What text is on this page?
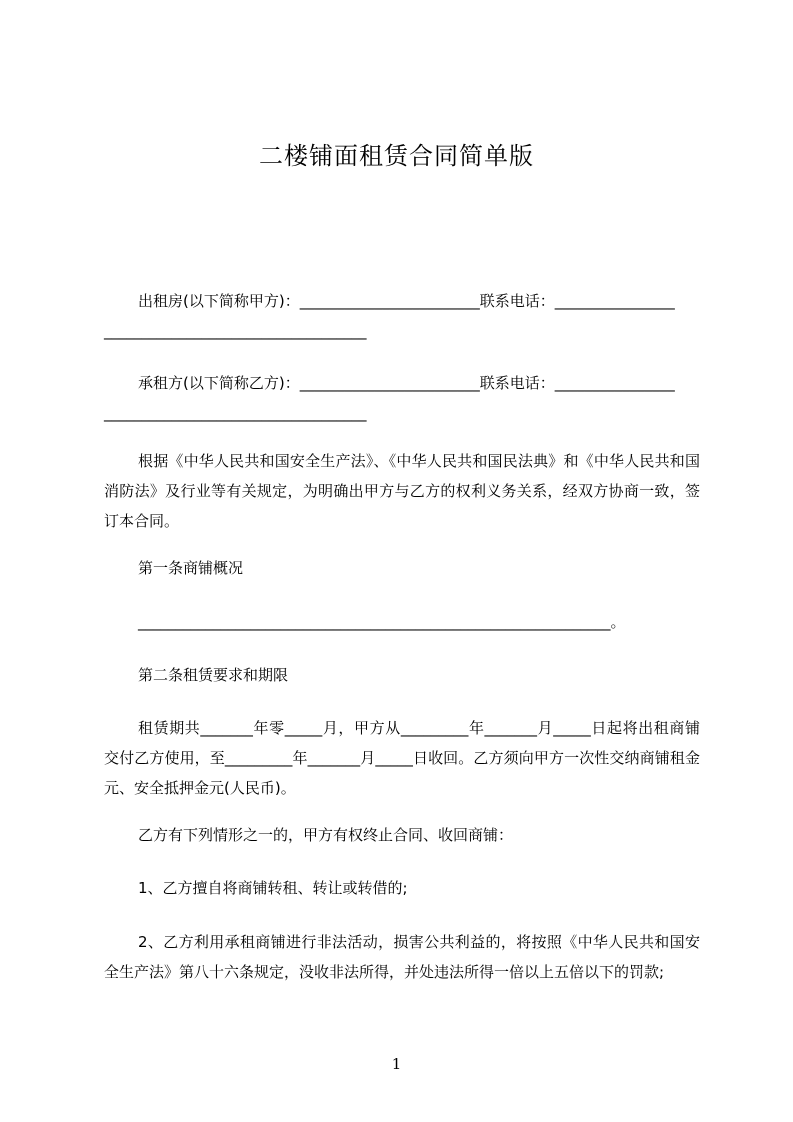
二楼铺面租赁合同简单版
出租房(以下简称甲方)：________________________联系电话：________________
___________________________________
承租方(以下简称乙方)：________________________联系电话：________________
___________________________________
根据《中华人民共和国安全生产法》、《中华人民共和国民法典》和《中华人民共和国消防法》及行业等有关规定，为明确出甲方与乙方的权利义务关系，经双方协商一致，签订本合同。
第一条商铺概况
_______________________________________________________________。
第二条租赁要求和期限
租赁期共_______年零_____月，甲方从_________年_______月_____日起将出租商铺交付乙方使用，至_________年_______月_____日收回。乙方须向甲方一次性交纳商铺租金元、安全抵押金元(人民币)。
乙方有下列情形之一的，甲方有权终止合同、收回商铺：
1、乙方擅自将商铺转租、转让或转借的;
2、乙方利用承租商铺进行非法活动，损害公共利益的，将按照《中华人民共和国安全生产法》第八十六条规定，没收非法所得，并处违法所得一倍以上五倍以下的罚款;
1
